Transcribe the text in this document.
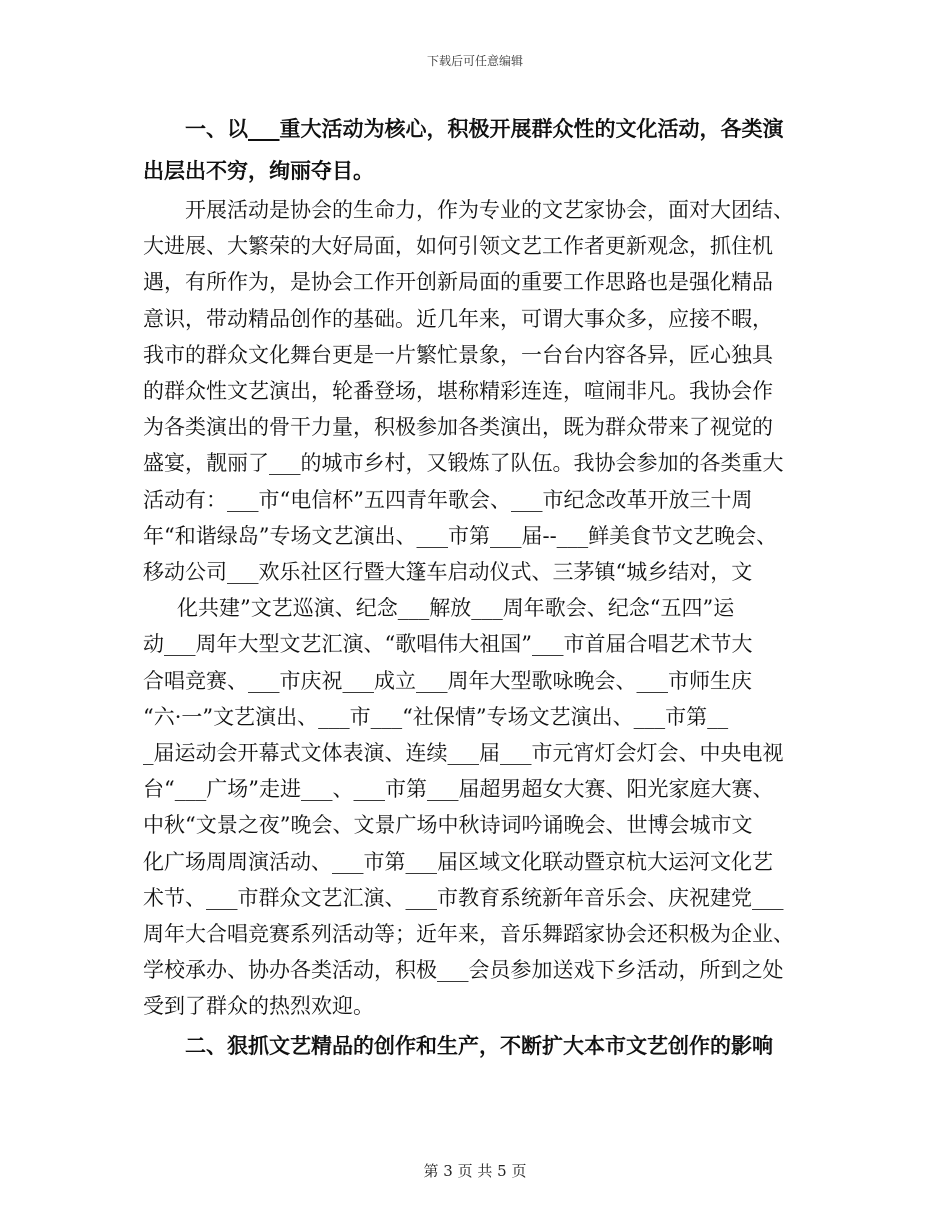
下载后可任意编辑
一、以___重大活动为核心，积极开展群众性的文化活动，各类演
出层出不穷，绚丽夺目。
开展活动是协会的生命力，作为专业的文艺家协会，面对大团结、
大进展、大繁荣的大好局面，如何引领文艺工作者更新观念，抓住机
遇，有所作为，是协会工作开创新局面的重要工作思路也是强化精品
意识，带动精品创作的基础。近几年来，可谓大事众多，应接不暇，
我市的群众文化舞台更是一片繁忙景象，一台台内容各异，匠心独具
的群众性文艺演出，轮番登场，堪称精彩连连，喧闹非凡。我协会作
为各类演出的骨干力量，积极参加各类演出，既为群众带来了视觉的
盛宴，靓丽了___的城市乡村，又锻炼了队伍。我协会参加的各类重大
活动有：___市“电信杯”五四青年歌会、___市纪念改革开放三十周
年“和谐绿岛”专场文艺演出、___市第___届--___鲜美食节文艺晚会、
移动公司___欢乐社区行暨大篷车启动仪式、三茅镇“城乡结对，文
化共建”文艺巡演、纪念___解放___周年歌会、纪念“五四”运
动___周年大型文艺汇演、“歌唱伟大祖国”___市首届合唱艺术节大
合唱竞赛、___市庆祝___成立___周年大型歌咏晚会、___市师生庆
“六·一”文艺演出、___市___“社保情”专场文艺演出、___市第__
_届运动会开幕式文体表演、连续___届___市元宵灯会灯会、中央电视
台“___广场”走进___、___市第___届超男超女大赛、阳光家庭大赛、
中秋“文景之夜”晚会、文景广场中秋诗词吟诵晚会、世博会城市文
化广场周周演活动、___市第___届区域文化联动暨京杭大运河文化艺
术节、___市群众文艺汇演、___市教育系统新年音乐会、庆祝建党___
周年大合唱竞赛系列活动等；近年来，音乐舞蹈家协会还积极为企业、
学校承办、协办各类活动，积极___会员参加送戏下乡活动，所到之处
受到了群众的热烈欢迎。
二、狠抓文艺精品的创作和生产，不断扩大本市文艺创作的影响
第 3 页 共 5 页
